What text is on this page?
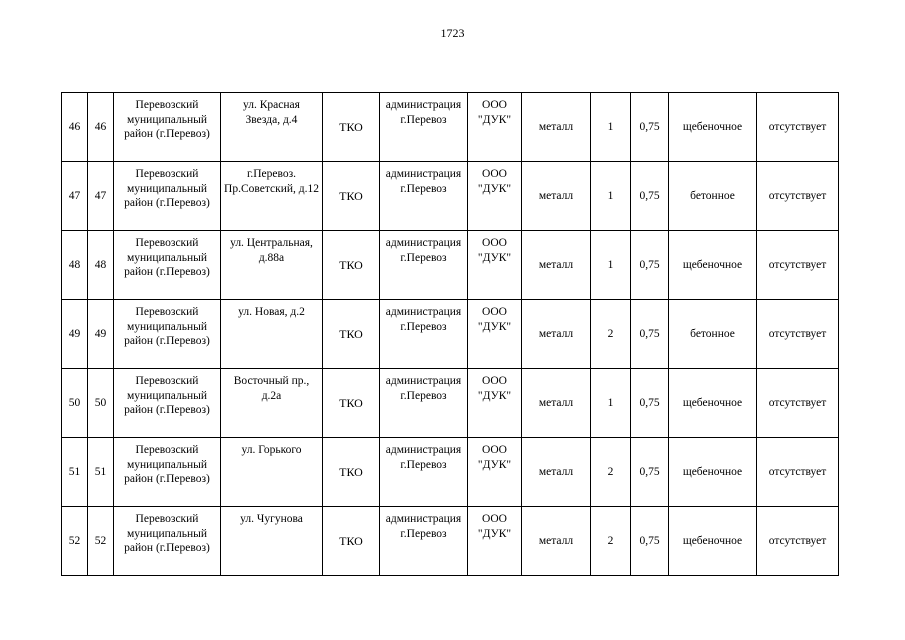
1723
46	46	Перевозский
муниципальный
район (г.Перевоз)	ул. Красная
Звезда, д.4	ТКО	администрация
г.Перевоз	ООО
"ДУК"	металл	1	0,75	щебеночное	отсутствует
47	47	Перевозский
муниципальный
район (г.Перевоз)	г.Перевоз.
Пр.Советский, д.12	ТКО	администрация
г.Перевоз	ООО
"ДУК"	металл	1	0,75	бетонное	отсутствует
48	48	Перевозский
муниципальный
район (г.Перевоз)	ул. Центральная,
д.88а	ТКО	администрация
г.Перевоз	ООО
"ДУК"	металл	1	0,75	щебеночное	отсутствует
49	49	Перевозский
муниципальный
район (г.Перевоз)	ул. Новая, д.2	ТКО	администрация
г.Перевоз	ООО
"ДУК"	металл	2	0,75	бетонное	отсутствует
50	50	Перевозский
муниципальный
район (г.Перевоз)	Восточный пр.,
д.2а	ТКО	администрация
г.Перевоз	ООО
"ДУК"	металл	1	0,75	щебеночное	отсутствует
51	51	Перевозский
муниципальный
район (г.Перевоз)	ул. Горького	ТКО	администрация
г.Перевоз	ООО
"ДУК"	металл	2	0,75	щебеночное	отсутствует
52	52	Перевозский
муниципальный
район (г.Перевоз)	ул. Чугунова	ТКО	администрация
г.Перевоз	ООО
"ДУК"	металл	2	0,75	щебеночное	отсутствует
